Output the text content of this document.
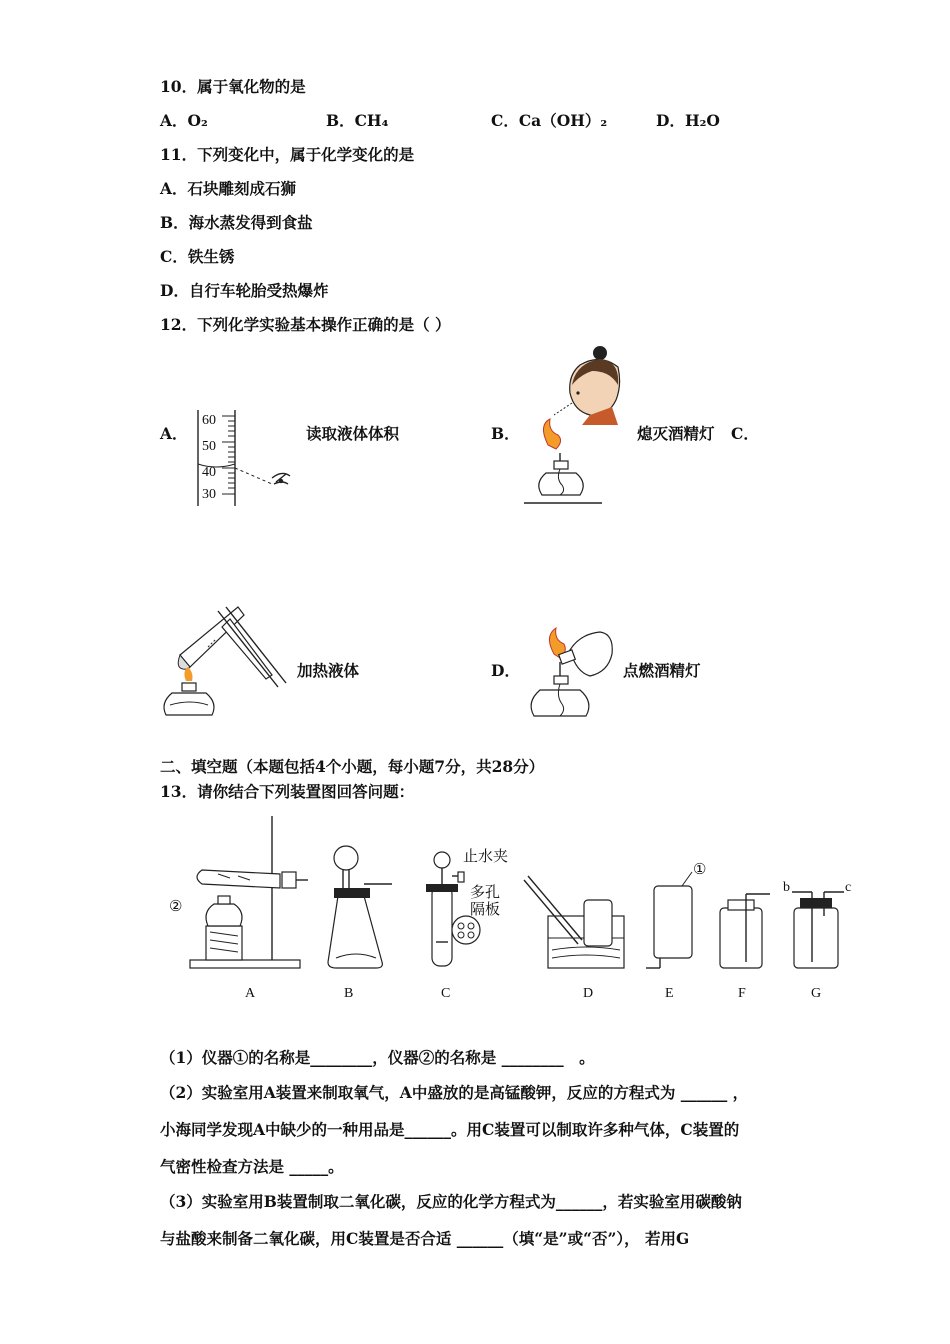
10．属于氧化物的是
A．O₂	B．CH₄	C．Ca（OH）₂	D．H₂O
11．下列变化中，属于化学变化的是
A．石块雕刻成石狮
B．海水蒸发得到食盐
C．铁生锈
D．自行车轮胎受热爆炸
12．下列化学实验基本操作正确的是（ ）
A．
60
50
40
30
读取液体体积	B．	熄灭酒精灯 C．
加热液体	D．	点燃酒精灯
二、填空题（本题包括4个小题，每小题7分，共28分）
13．请你结合下列装置图回答问题：
②
①
止水夹
多孔
隔板
b	c
A	B	C	D	E	F	G
（1）仪器①的名称是________，仪器②的名称是 ________　。
（2）实验室用A装置来制取氧气，A中盛放的是高锰酸钾，反应的方程式为 ______ ，
小海同学发现A中缺少的一种用品是______。用C装置可以制取许多种气体，C装置的
气密性检查方法是 _____。
（3）实验室用B装置制取二氧化碳，反应的化学方程式为______，若实验室用碳酸钠
与盐酸来制备二氧化碳，用C装置是否合适 ______（填“是”或“否”）， 若用G
